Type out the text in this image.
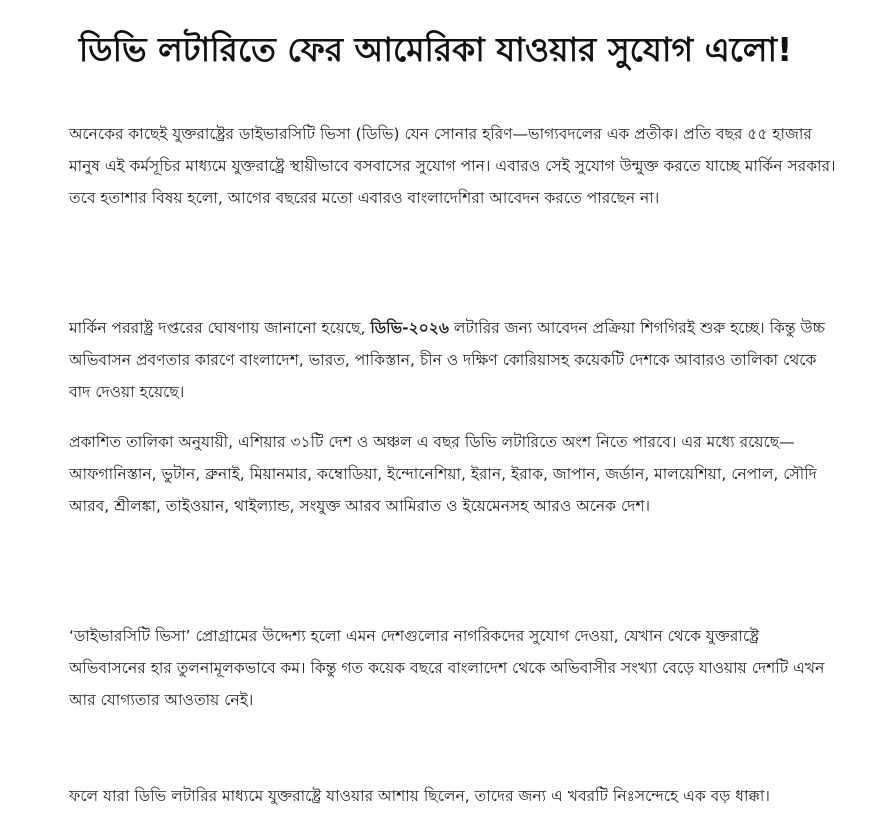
ডিভি লটারিতে ফের আমেরিকা যাওয়ার সুযোগ এলো!

অনেকের কাছেই যুক্তরাষ্ট্রের ডাইভারসিটি ভিসা (ডিভি) যেন সোনার হরিণ—ভাগ্যবদলের এক প্রতীক। প্রতি বছর ৫৫ হাজার মানুষ এই কর্মসূচির মাধ্যমে যুক্তরাষ্ট্রে স্থায়ীভাবে বসবাসের সুযোগ পান। এবারও সেই সুযোগ উন্মুক্ত করতে যাচ্ছে মার্কিন সরকার। তবে হতাশার বিষয় হলো, আগের বছরের মতো এবারও বাংলাদেশিরা আবেদন করতে পারছেন না।

মার্কিন পররাষ্ট্র দপ্তরের ঘোষণায় জানানো হয়েছে, ডিভি-২০২৬ লটারির জন্য আবেদন প্রক্রিয়া শিগগিরই শুরু হচ্ছে। কিন্তু উচ্চ অভিবাসন প্রবণতার কারণে বাংলাদেশ, ভারত, পাকিস্তান, চীন ও দক্ষিণ কোরিয়াসহ কয়েকটি দেশকে আবারও তালিকা থেকে বাদ দেওয়া হয়েছে।

প্রকাশিত তালিকা অনুযায়ী, এশিয়ার ৩১টি দেশ ও অঞ্চল এ বছর ডিভি লটারিতে অংশ নিতে পারবে। এর মধ্যে রয়েছে—আফগানিস্তান, ভুটান, ব্রুনাই, মিয়ানমার, কম্বোডিয়া, ইন্দোনেশিয়া, ইরান, ইরাক, জাপান, জর্ডান, মালয়েশিয়া, নেপাল, সৌদি আরব, শ্রীলঙ্কা, তাইওয়ান, থাইল্যান্ড, সংযুক্ত আরব আমিরাত ও ইয়েমেনসহ আরও অনেক দেশ।

‘ডাইভারসিটি ভিসা’ প্রোগ্রামের উদ্দেশ্য হলো এমন দেশগুলোর নাগরিকদের সুযোগ দেওয়া, যেখান থেকে যুক্তরাষ্ট্রে অভিবাসনের হার তুলনামূলকভাবে কম। কিন্তু গত কয়েক বছরে বাংলাদেশ থেকে অভিবাসীর সংখ্যা বেড়ে যাওয়ায় দেশটি এখন আর যোগ্যতার আওতায় নেই।

ফলে যারা ডিভি লটারির মাধ্যমে যুক্তরাষ্ট্রে যাওয়ার আশায় ছিলেন, তাদের জন্য এ খবরটি নিঃসন্দেহে এক বড় ধাক্কা।
